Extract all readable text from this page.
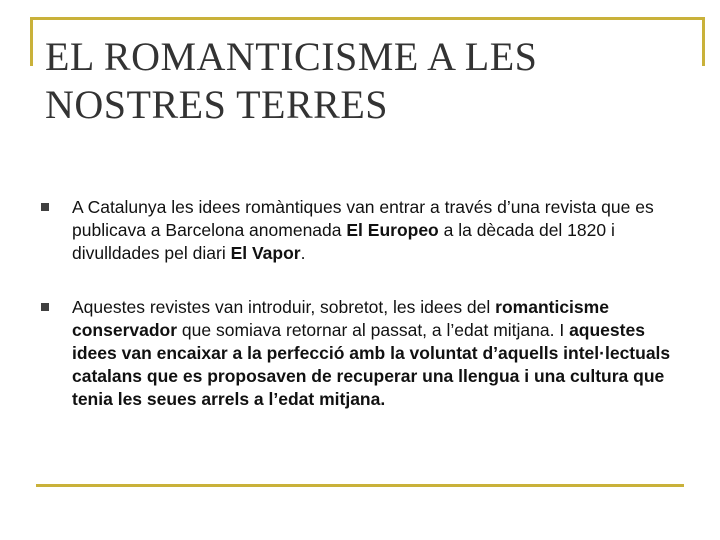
EL ROMANTICISME A LES NOSTRES TERRES
A Catalunya les idees romàntiques van entrar a través d’una revista que es publicava a Barcelona anomenada El Europeo a la dècada del 1820 i divulldades pel diari El Vapor.
Aquestes revistes van introduir, sobretot, les idees del romanticisme conservador que somiava retornar al passat, a l’edat mitjana. I aquestes idees van encaixar a la perfecció amb la voluntat d’aquells intel·lectuals catalans que es proposaven de recuperar una llengua i una cultura que tenia les seues arrels a l’edat mitjana.
